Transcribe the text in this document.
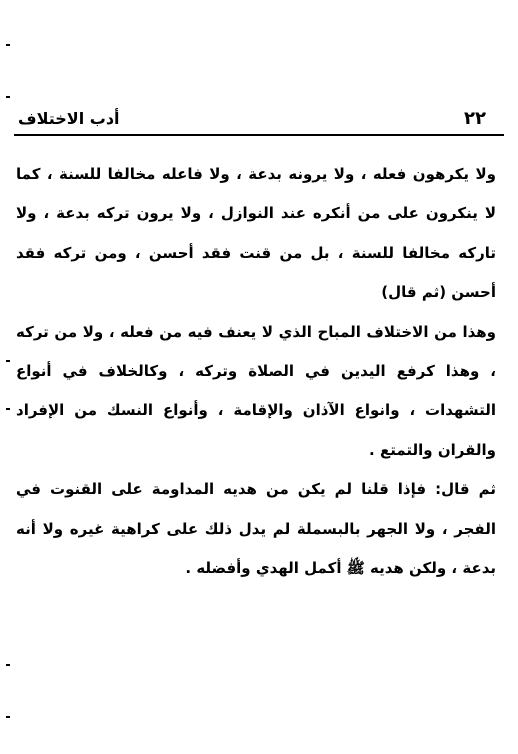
٢٢
أدب الاختلاف

ولا يكرهون فعله ، ولا يرونه بدعة ، ولا فاعله مخالفا للسنة ، كما لا ينكرون على من أنكره عند النوازل ، ولا يرون تركه بدعة ، ولا تاركه مخالفا للسنة ، بل من قنت فقد أحسن ، ومن تركه فقد أحسن (ثم قال)

وهذا من الاختلاف المباح الذي لا يعنف فيه من فعله ، ولا من تركه ، وهذا كرفع اليدين في الصلاة وتركه ، وكالخلاف في أنواع التشهدات ، وانواع الآذان والإقامة ، وأنواع النسك من الإفراد والقران والتمتع .

ثم قال: فإذا قلنا لم يكن من هديه المداومة على القنوت في الفجر ، ولا الجهر بالبسملة لم يدل ذلك على كراهية غيره ولا أنه بدعة ، ولكن هديه ﷺ أكمل الهدي وأفضله .
